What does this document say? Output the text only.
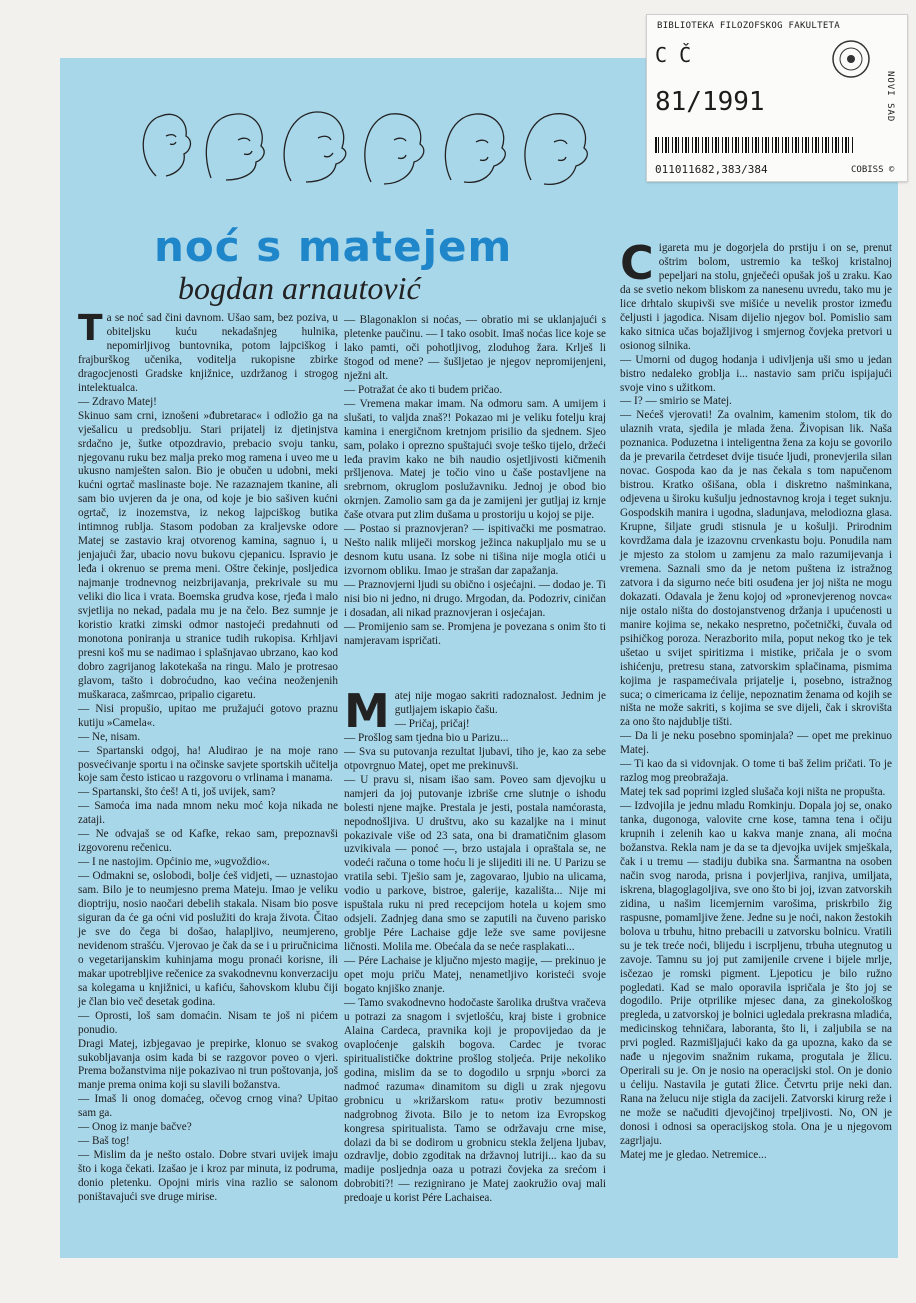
BIBLIOTEKA FILOZOFSKOG FAKULTETA
C Č
81/1991	NOVI SAD
011011682,383/384	COBISS ©
noć s matejem
bogdan arnautović
T a se noć sad čini davnom. Ušao sam, bez poziva, u obiteljsku kuću nekadašnjeg hulnika, nepomirljivog buntovnika, potom lajpciškog i frajburškog učenika, voditelja rukopisne zbirke dragocjenosti Gradske knjižnice, uzdržanog i strogog intelektualca.

— Zdravo Matej!

Skinuo sam crni, iznošeni »đubretarac« i odložio ga na vješalicu u predsoblju. Stari prijatelj iz djetinjstva srdačno je, šutke otpozdravio, prebacio svoju tanku, njegovanu ruku bez malja preko mog ramena i uveo me u ukusno namješten salon. Bio je obučen u udobni, meki kućni ogrtač maslinaste boje. Ne razaznajem tkanine, ali sam bio uvjeren da je ona, od koje je bio sašiven kućni ogrtač, iz inozemstva, iz nekog lajpciškog butika intimnog rublja. Stasom podoban za kraljevske odore Matej se zastavio kraj otvorenog kamina, sagnuo i, u jenjajući žar, ubacio novu bukovu cjepanicu. Ispravio je leđa i okrenuo se prema meni. Oštre čekinje, posljedica najmanje trodnevnog neizbrijavanja, prekrivale su mu veliki dio lica i vrata. Boemska grudva kose, rjeđa i malo svjetlija no nekad, padala mu je na čelo. Bez sumnje je koristio kratki zimski odmor nastojeći predahnuti od monotona poniranja u stranice tudih rukopisa. Krhljavi presni koš mu se nadimao i splašnjavao ubrzano, kao kod dobro zagrijanog lakotekaša na ringu. Malo je protresao glavom, tašto i dobroćudno, kao većina neoženjenih muškaraca, zašmrcao, pripalio cigaretu.

— Nisi propušio, upitao me pružajući gotovo praznu kutiju »Camela«.

— Ne, nisam.

— Spartanski odgoj, ha! Aludirao je na moje rano posvećivanje sportu i na očinske savjete sportskih učitelja koje sam često isticao u razgovoru o vrlinama i manama.

— Spartanski, što ćeš! A ti, još uvijek, sam?

— Samoća ima nada mnom neku moć koja nikada ne zataji.

— Ne odvajaš se od Kafke, rekao sam, prepoznavši izgovorenu rečenicu.

— I ne nastojim. Općinio me, »ugvoždio«.

— Odmakni se, oslobodi, bolje ćeš vidjeti, — uznastojao sam. Bilo je to neumjesno prema Mateju. Imao je veliku dioptriju, nosio naočari debelih stakala. Nisam bio posve siguran da će ga oćni vid poslužiti do kraja života. Čitao je sve do čega bi došao, halapljivo, neumjereno, nevidenom strašću. Vjerovao je čak da se i u priručnicima o vegetarijanskim kuhinjama mogu pronaći korisne, ili makar upotrebljive rečenice za svakodnevnu konverzaciju sa kolegama u knjižnici, u kafiću, šahovskom klubu čiji je član bio več desetak godina.

— Oprosti, loš sam domaćin. Nisam te još ni pićem ponudio.

Dragi Matej, izbjegavao je prepirke, klonuo se svakog sukobljavanja osim kada bi se razgovor poveo o vjeri. Prema božanstvima nije pokazivao ni trun poštovanja, još manje prema onima koji su slavili božanstva.

— Imaš li onog domaćeg, očevog crnog vina? Upitao sam ga.

— Onog iz manje bačve?

— Baš tog!

— Mislim da je nešto ostalo. Dobre stvari uvijek imaju što i koga čekati. Izašao je i kroz par minuta, iz podruma, donio pletenku. Opojni miris vina razlio se salonom poništavajući sve druge mirise.

— Blagonaklon si noćas, — obratio mi se uklanjajući s pletenke paučinu. — I tako osobit. Imaš noćas lice koje se lako pamti, oči pohotljivog, zloduhog žara. Krlješ li štogod od mene? — šušljetao je njegov nepromijenjeni, nježni alt.

— Potražat će ako ti budem pričao.

— Vremena makar imam. Na odmoru sam. A umijem i slušati, to valjda znaš?! Pokazao mi je veliku fotelju kraj kamina i energičnom kretnjom prisilio da sjednem. Sjeo sam, polako i oprezno spuštajući svoje teško tijelo, držeći leđa pravim kako ne bih naudio osjetljivosti kičmenih pršljenova. Matej je točio vino u čaše postavljene na srebrnom, okruglom poslužavniku. Jednoj je obod bio okrnjen. Zamolio sam ga da je zamijeni jer gutljaj iz krnje čaše otvara put zlim dušama u prostoriju u kojoj se pije.

— Postao si praznovjeran? — ispitivački me posmatrao. Nešto nalik mliječi morskog ježinca nakupljalo mu se u desnom kutu usana. Iz sobe ni tišina nije mogla otići u izvornom obliku. Imao je strašan dar zapažanja.

— Praznovjerni ljudi su obično i osjećajni. — dodao je. Ti nisi bio ni jedno, ni drugo. Mrgodan, da. Podozriv, ciničan i dosadan, ali nikad praznovjeran i osjećajan.

— Promijenio sam se. Promjena je povezana s onim što ti namjeravam ispričati.

M atej nije mogao sakriti radoznalost. Jednim je gutljajem iskapio čašu.

— Pričaj, pričaj!

— Prošlog sam tjedna bio u Parizu...

— Sva su putovanja rezultat ljubavi, tiho je, kao za sebe otpovrgnuo Matej, opet me prekinuvši.

— U pravu si, nisam išao sam. Poveo sam djevojku u namjeri da joj putovanje izbriše crne slutnje o ishodu bolesti njene majke. Prestala je jesti, postala namćorasta, nepodnošljiva. U društvu, ako su kazaljke na i minut pokazivale više od 23 sata, ona bi dramatičnim glasom uzvikivala — ponoć —, brzo ustajala i opraštala se, ne vodeći računa o tome hoću li je slijediti ili ne. U Parizu se vratila sebi. Tješio sam je, zagovarao, ljubio na ulicama, vodio u parkove, bistroe, galerije, kazališta... Nije mi ispuštala ruku ni pred recepcijom hotela u kojem smo odsjeli. Zadnjeg dana smo se zaputili na čuveno parisko groblje Pére Lachaise gdje leže sve same povijesne ličnosti. Molila me. Obećala da se neće rasplakati...

— Pére Lachaise je ključno mjesto magije, — prekinuo je opet moju priču Matej, nenametljivo koristeći svoje bogato knjiško znanje.

— Tamo svakodnevno hodočaste šarolika društva vračeva u potrazi za snagom i svjetlošću, kraj biste i grobnice Alaina Cardeca, pravnika koji je propovijedao da je ovaploćenje galskih bogova. Cardec je tvorac spiritualističke doktrine prošlog stoljeća. Prije nekoliko godina, mislim da se to dogodilo u srpnju »borci za nadmoć razuma« dinamitom su digli u zrak njegovu grobnicu u »križarskom ratu« protiv bezumnosti nadgrobnog života. Bilo je to netom iza Evropskog kongresa spiritualista. Tamo se održavaju crne mise, dolazi da bi se dodirom u grobnicu stekla željena ljubav, ozdravlje, dobio zgoditak na državnoj lutriji... kao da su madije posljednja oaza u potrazi čovjeka za srećom i dobrobiti?! — rezignirano je Matej zaokružio ovaj mali predoaje u korist Pére Lachaisea.

C igareta mu je dogorjela do prstiju i on se, prenut oštrim bolom, ustremio ka teškoj kristalnoj pepeljari na stolu, gnječeći opušak još u zraku. Kao da se svetio nekom bliskom za nanesenu uvredu, tako mu je lice drhtalo skupivši sve mišiće u nevelik prostor između čeljusti i jagodica. Nisam dijelio njegov bol. Pomislio sam kako sitnica učas bojažljivog i smjernog čovjeka pretvori u osionog silnika.

— Umorni od dugog hodanja i udivljenja uši smo u jedan bistro nedaleko groblja i... nastavio sam priču ispijajući svoje vino s užitkom.

— I? — smirio se Matej.

— Nećeš vjerovati! Za ovalnim, kamenim stolom, tik do ulaznih vrata, sjedila je mlada žena. Živopisan lik. Naša poznanica. Poduzetna i inteligentna žena za koju se govorilo da je prevarila četrdeset dvije tisuće ljudi, pronevjerila silan novac. Gospoda kao da je nas čekala s tom napučenom bistrou. Kratko ošišana, obla i diskretno našminkana, odjevena u široku kušulju jednostavnog kroja i teget suknju. Gospodskih manira i ugodna, sladunjava, melodiozna glasa. Krupne, šiljate grudi stisnula je u košulji. Prirodnim kovrdžama dala je izazovnu crvenkastu boju. Ponudila nam je mjesto za stolom u zamjenu za malo razumijevanja i vremena. Saznali smo da je netom puštena iz istražnog zatvora i da sigurno neće biti osuđena jer joj ništa ne mogu dokazati. Odavala je ženu kojoj od »pronevjerenog novca« nije ostalo ništa do dostojanstvenog držanja i upućenosti u manire kojima se, nekako nespretno, početnički, čuvala od psihičkog poroza. Nerazborito mila, poput nekog tko je tek ušetao u svijet spiritizma i mistike, pričala je o svom ishićenju, pretresu stana, zatvorskim splačinama, pismima kojima je raspamećivala prijatelje i, posebno, istražnog suca; o cimericama iz ćelije, nepoznatim ženama od kojih se ništa ne može sakriti, s kojima se sve dijeli, čak i skrovišta za ono što najdublje tišti.

— Da li je neku posebno spominjala? — opet me prekinuo Matej.

— Ti kao da si vidovnjak. O tome ti baš želim pričati. To je razlog mog preobražaja.

Matej tek sad poprimi izgled slušača koji ništa ne propušta.

— Izdvojila je jednu mladu Romkinju. Dopala joj se, onako tanka, dugonoga, valovite crne kose, tamna tena i očiju krupnih i zelenih kao u kakva manje znana, ali moćna božanstva. Rekla nam je da se ta djevojka uvijek smješkala, čak i u tremu — stadiju dubika sna. Šarmantna na osoben način svog naroda, prisna i povjerljiva, ranjiva, umiljata, iskrena, blagoglagoljiva, sve ono što bi joj, izvan zatvorskih zidina, u našim licemjernim varošima, priskrbilo žig raspusne, pomamljive žene. Jedne su je noći, nakon žestokih bolova u trbuhu, hitno prebacili u zatvorsku bolnicu. Vratili su je tek treće noći, blijedu i iscrpljenu, trbuha utegnutog u zavoje. Tamnu su joj put zamijenile crvene i bijele mrlje, isčezao je romski pigment. Ljepoticu je bilo ružno pogledati. Kad se malo oporavila ispričala je što joj se dogodilo. Prije otprilike mjesec dana, za ginekološkog pregleda, u zatvorskoj je bolnici ugledala prekrasna mladića, medicinskog tehničara, laboranta, što li, i zaljubila se na prvi pogled. Razmišljajući kako da ga upozna, kako da se nađe u njegovim snažnim rukama, progutala je žlicu. Operirali su je. On je nosio na operacijski stol. On je donio u ćeliju. Nastavila je gutati žlice. Četvrtu prije neki dan. Rana na želucu nije stigla da zacijeli. Zatvorski kirurg reže i ne može se načuditi djevojčinoj trpeljivosti. No, ON je donosi i odnosi sa operacijskog stola. Ona je u njegovom zagrljaju.

Matej me je gledao. Netremice...
